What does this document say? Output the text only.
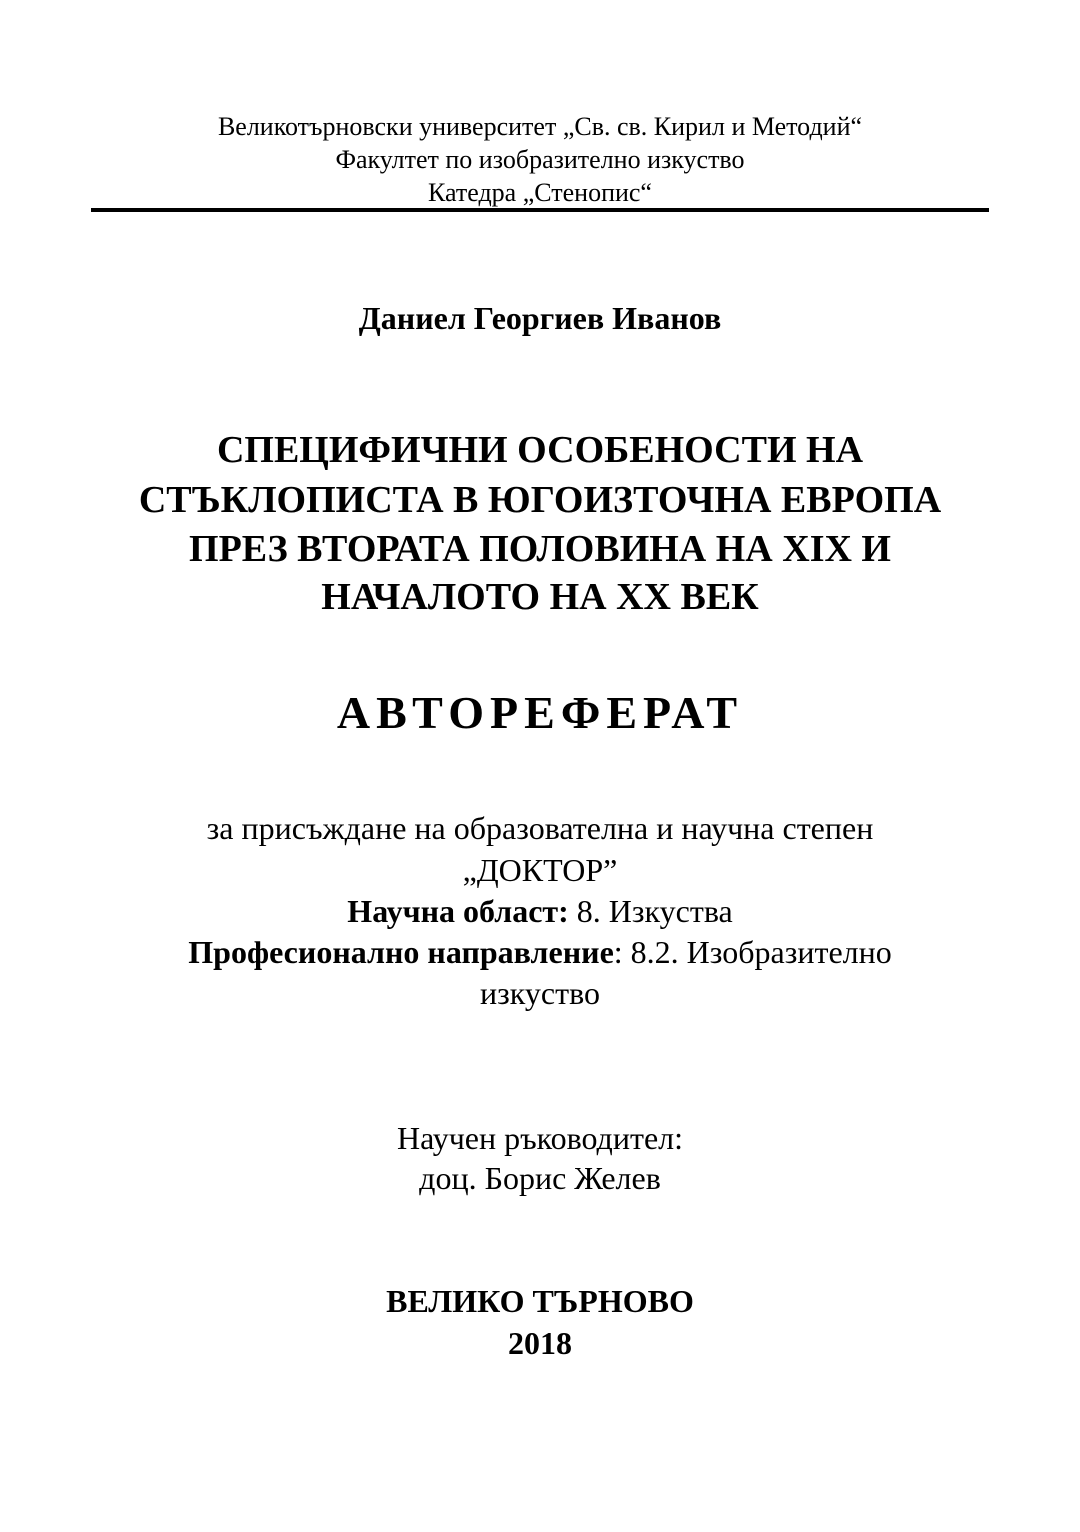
Великотърновски университет „Св. св. Кирил и Методий“
Факултет по изобразително изкуство
Катедра „Стенопис“
Даниел Георгиев Иванов
СПЕЦИФИЧНИ ОСОБЕНОСТИ НА
СТЪКЛОПИСТА В ЮГОИЗТОЧНА ЕВРОПА
ПРЕЗ ВТОРАТА ПОЛОВИНА НА XIX И
НАЧАЛОТО НА XX ВЕК
АВТОРЕФЕРАТ
за присъждане на образователна и научна степен
„ДОКТОР”
Научна област: 8. Изкуства
Професионално направление: 8.2. Изобразително
изкуство
Научен ръководител:
доц. Борис Желев
ВЕЛИКО ТЪРНОВО
2018
